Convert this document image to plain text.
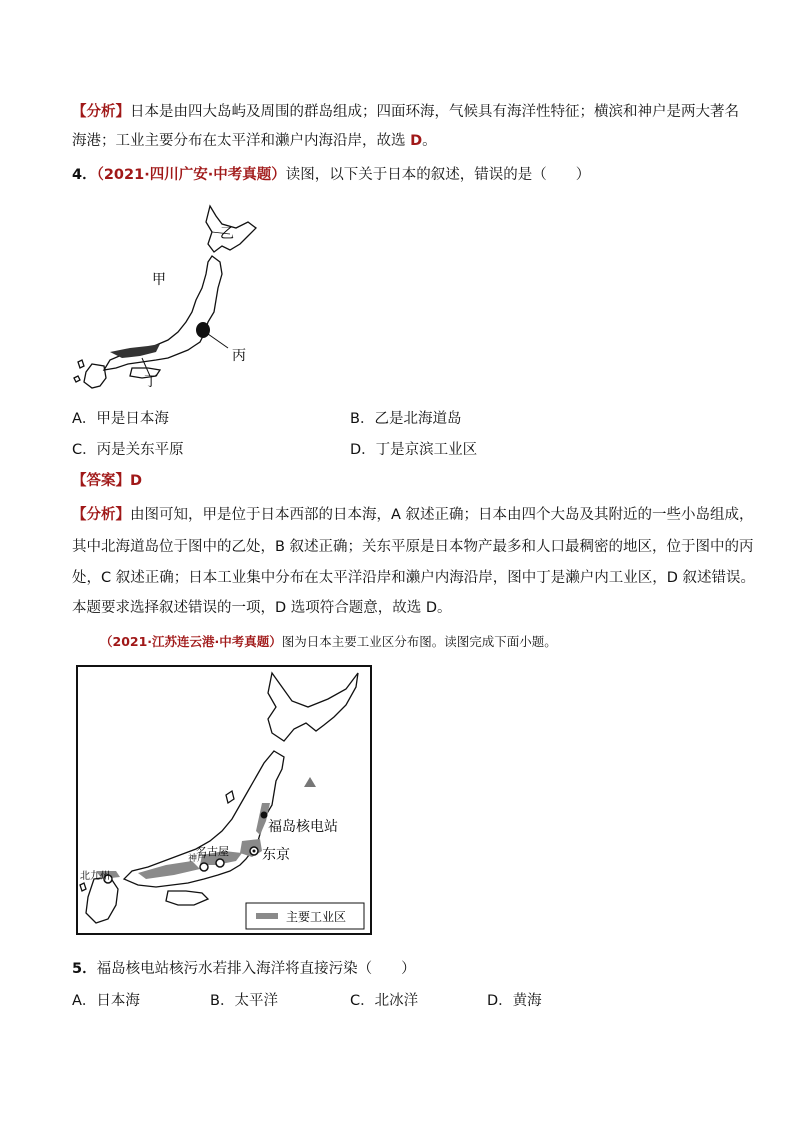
【分析】日本是由四大岛屿及周围的群岛组成；四面环海，气候具有海洋性特征；横滨和神户是两大著名
海港；工业主要分布在太平洋和濑户内海沿岸，故选 D。
4．（2021·四川广安·中考真题）读图，以下关于日本的叙述，错误的是（　　）
乙
甲
丙
丁
A．甲是日本海	B．乙是北海道岛
C．丙是关东平原	D．丁是京滨工业区
【答案】D
【分析】由图可知，甲是位于日本西部的日本海，A 叙述正确；日本由四个大岛及其附近的一些小岛组成，
其中北海道岛位于图中的乙处，B 叙述正确；关东平原是日本物产最多和人口最稠密的地区，位于图中的丙
处，C 叙述正确；日本工业集中分布在太平洋沿岸和濑户内海沿岸，图中丁是濑户内工业区，D 叙述错误。
本题要求选择叙述错误的一项，D 选项符合题意，故选 D。
（2021·江苏连云港·中考真题）图为日本主要工业区分布图。读图完成下面小题。
福岛核电站
东京
名古屋
神户
北九州
主要工业区
5．福岛核电站核污水若排入海洋将直接污染（　　）
A．日本海	B．太平洋	C．北冰洋	D．黄海
